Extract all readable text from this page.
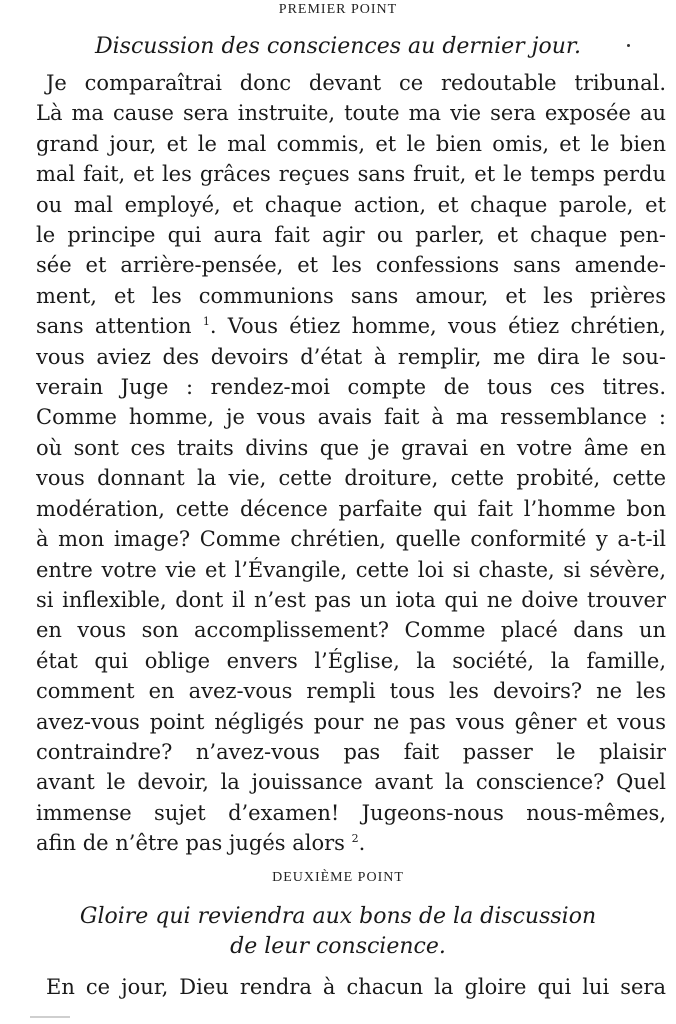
PREMIER POINT
Discussion des consciences au dernier jour.
Je comparaîtrai donc devant ce redoutable tribunal.
Là ma cause sera instruite, toute ma vie sera exposée au
grand jour, et le mal commis, et le bien omis, et le bien
mal fait, et les grâces reçues sans fruit, et le temps perdu
ou mal employé, et chaque action, et chaque parole, et
le principe qui aura fait agir ou parler, et chaque pen-
sée et arrière-pensée, et les confessions sans amende-
ment, et les communions sans amour, et les prières
sans attention $^1$. Vous étiez homme, vous étiez chrétien,
vous aviez des devoirs d’état à remplir, me dira le sou-
verain Juge : rendez-moi compte de tous ces titres.
Comme homme, je vous avais fait à ma ressemblance :
où sont ces traits divins que je gravai en votre âme en
vous donnant la vie, cette droiture, cette probité, cette
modération, cette décence parfaite qui fait l’homme bon
à mon image? Comme chrétien, quelle conformité y a-t-il
entre votre vie et l’Évangile, cette loi si chaste, si sévère,
si inflexible, dont il n’est pas un iota qui ne doive trouver
en vous son accomplissement? Comme placé dans un
état qui oblige envers l’Église, la société, la famille,
comment en avez-vous rempli tous les devoirs? ne les
avez-vous point négligés pour ne pas vous gêner et vous
contraindre? n’avez-vous pas fait passer le plaisir
avant le devoir, la jouissance avant la conscience? Quel
immense sujet d’examen! Jugeons-nous nous-mêmes,
afin de n’être pas jugés alors $^2$.
DEUXIÈME POINT
Gloire qui reviendra aux bons de la discussion
de leur conscience.
En ce jour, Dieu rendra à chacun la gloire qui lui sera
